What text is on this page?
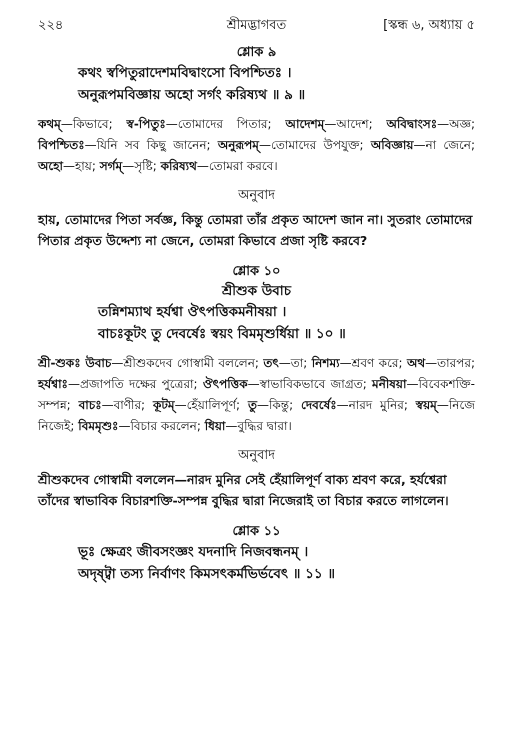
২২৪	শ্রীমদ্ভাগবত	[স্কন্ধ ৬, অধ্যায় ৫

শ্লোক ৯

কথং স্বপিতুরাদেশমবিদ্বাংসো বিপশ্চিতঃ ।

অনুরূপমবিজ্ঞায় অহো সর্গং করিষ্যথ ॥ ৯ ॥

কথম্—কিভাবে; স্ব-পিতুঃ—তোমাদের পিতার; আদেশম্—আদেশ; অবিদ্বাংসঃ—অজ্ঞ; বিপশ্চিতঃ—যিনি সব কিছু জানেন; অনুরূপম্—তোমাদের উপযুক্ত; অবিজ্ঞায়—না জেনে; অহো—হায়; সর্গম্—সৃষ্টি; করিষ্যথ—তোমরা করবে।

অনুবাদ

হায়, তোমাদের পিতা সর্বজ্ঞ, কিন্তু তোমরা তাঁর প্রকৃত আদেশ জান না। সুতরাং তোমাদের পিতার প্রকৃত উদ্দেশ্য না জেনে, তোমরা কিভাবে প্রজা সৃষ্টি করবে?

শ্লোক ১০

শ্রীশুক উবাচ

তন্নিশম্যাথ হর্যশ্বা ঔৎপত্তিকমনীষয়া ।

বাচঃকূটং তু দেবর্ষেঃ স্বয়ং বিমমৃশুর্ধিয়া ॥ ১০ ॥

শ্রী-শুকঃ উবাচ—শ্রীশুকদেব গোস্বামী বললেন; তৎ—তা; নিশম্য—শ্রবণ করে; অথ—তারপর; হর্যশ্বাঃ—প্রজাপতি দক্ষের পুত্রেরা; ঔৎপত্তিক—স্বাভাবিকভাবে জাগ্রত; মনীষয়া—বিবেকশক্তি-সম্পন্ন; বাচঃ—বাণীর; কূটম্—হেঁয়ালিপূর্ণ; তু—কিন্তু; দেবর্ষেঃ—নারদ মুনির; স্বয়ম্—নিজে নিজেই; বিমমৃশুঃ—বিচার করলেন; ধিয়া—বুদ্ধির দ্বারা।

অনুবাদ

শ্রীশুকদেব গোস্বামী বললেন—নারদ মুনির সেই হেঁয়ালিপূর্ণ বাক্য শ্রবণ করে, হর্যশ্বেরা তাঁদের স্বাভাবিক বিচারশক্তি-সম্পন্ন বুদ্ধির দ্বারা নিজেরাই তা বিচার করতে লাগলেন।

শ্লোক ১১

ভূঃ ক্ষেত্রং জীবসংজ্ঞং যদনাদি নিজবন্ধনম্ ।

অদৃষ্ট্বা তস্য নির্বাণং কিমসৎকর্মভির্ভবেৎ ॥ ১১ ॥
